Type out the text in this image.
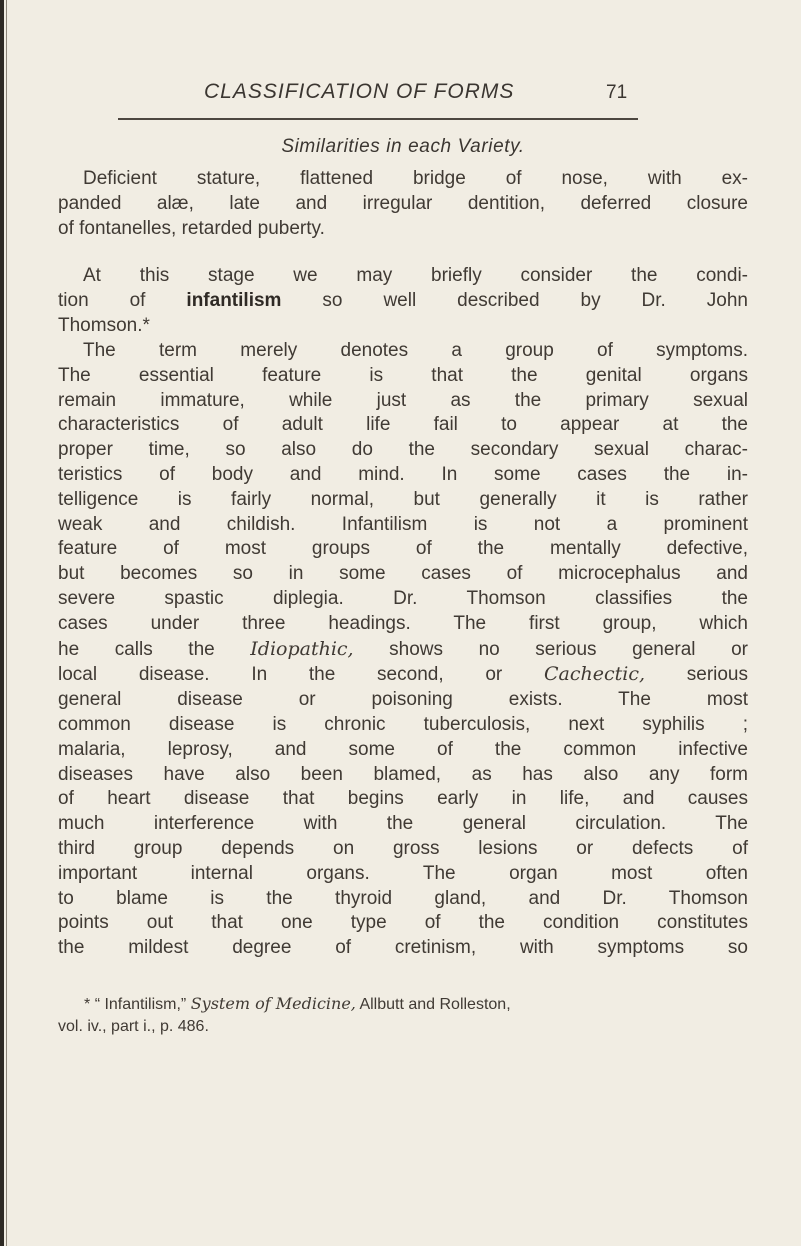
CLASSIFICATION OF FORMS	71
Similarities in each Variety.
Deficient stature, flattened bridge of nose, with ex-
panded alæ, late and irregular dentition, deferred closure
of fontanelles, retarded puberty.
At this stage we may briefly consider the condi-
tion of infantilism so well described by Dr. John
Thomson.*
The term merely denotes a group of symptoms.
The essential feature is that the genital organs
remain immature, while just as the primary sexual
characteristics of adult life fail to appear at the
proper time, so also do the secondary sexual charac-
teristics of body and mind. In some cases the in-
telligence is fairly normal, but generally it is rather
weak and childish. Infantilism is not a prominent
feature of most groups of the mentally defective,
but becomes so in some cases of microcephalus and
severe spastic diplegia. Dr. Thomson classifies the
cases under three headings. The first group, which
he calls the Idiopathic, shows no serious general or
local disease. In the second, or Cachectic, serious
general disease or poisoning exists. The most
common disease is chronic tuberculosis, next syphilis ;
malaria, leprosy, and some of the common infective
diseases have also been blamed, as has also any form
of heart disease that begins early in life, and causes
much interference with the general circulation. The
third group depends on gross lesions or defects of
important internal organs. The organ most often
to blame is the thyroid gland, and Dr. Thomson
points out that one type of the condition constitutes
the mildest degree of cretinism, with symptoms so
* “ Infantilism,” System of Medicine, Allbutt and Rolleston,
vol. iv., part i., p. 486.
